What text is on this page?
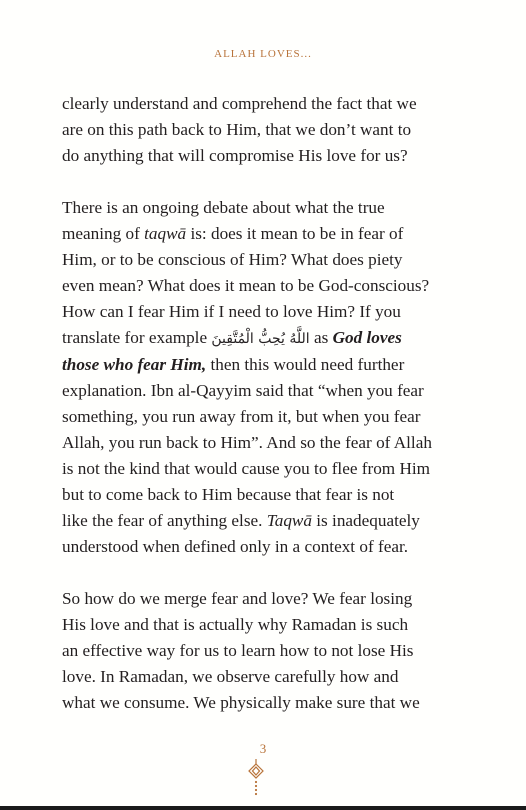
ALLAH LOVES...

clearly understand and comprehend the fact that we
are on this path back to Him, that we don’t want to
do anything that will compromise His love for us?

There is an ongoing debate about what the true
meaning of taqwā is: does it mean to be in fear of
Him, or to be conscious of Him? What does piety
even mean? What does it mean to be God-conscious?
How can I fear Him if I need to love Him? If you
translate for example اللَّهُ يُحِبُّ الْمُتَّقِينَ as God loves
those who fear Him, then this would need further
explanation. Ibn al-Qayyim said that “when you fear
something, you run away from it, but when you fear
Allah, you run back to Him”. And so the fear of Allah
is not the kind that would cause you to flee from Him
but to come back to Him because that fear is not
like the fear of anything else. Taqwā is inadequately
understood when defined only in a context of fear.

So how do we merge fear and love? We fear losing
His love and that is actually why Ramadan is such
an effective way for us to learn how to not lose His
love. In Ramadan, we observe carefully how and
what we consume. We physically make sure that we

3
